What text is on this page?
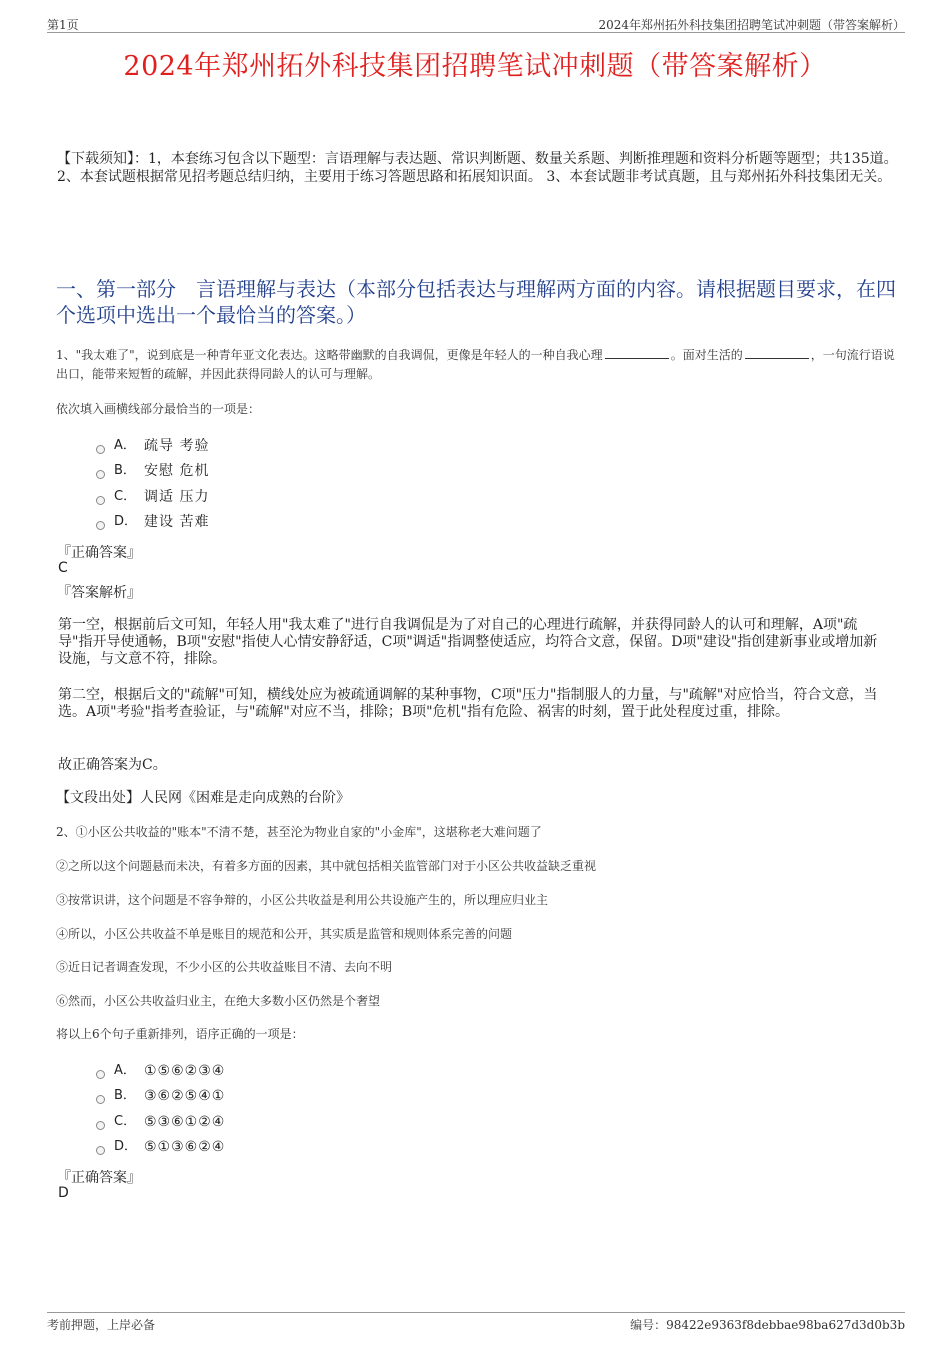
第1页	2024年郑州拓外科技集团招聘笔试冲刺题（带答案解析）
2024年郑州拓外科技集团招聘笔试冲刺题（带答案解析）
【下载须知】：1，本套练习包含以下题型：言语理解与表达题、常识判断题、数量关系题、判断推理题和资料分析题等题型；共135道。 2、本套试题根据常见招考题总结归纳，主要用于练习答题思路和拓展知识面。 3、本套试题非考试真题，且与郑州拓外科技集团无关。
一、第一部分　言语理解与表达（本部分包括表达与理解两方面的内容。请根据题目要求，在四个选项中选出一个最恰当的答案。）
1、"我太难了"，说到底是一种青年亚文化表达。这略带幽默的自我调侃，更像是年轻人的一种自我心理	。面对生活的	，一句流行语说出口，能带来短暂的疏解，并因此获得同龄人的认可与理解。
依次填入画横线部分最恰当的一项是：
A． 疏导 考验
B． 安慰 危机
C． 调适 压力
D． 建设 苦难
『正确答案』
C
『答案解析』
第一空，根据前后文可知，年轻人用"我太难了"进行自我调侃是为了对自己的心理进行疏解，并获得同龄人的认可和理解，A项"疏导"指开导使通畅，B项"安慰"指使人心情安静舒适，C项"调适"指调整使适应，均符合文意，保留。D项"建设"指创建新事业或增加新设施，与文意不符，排除。
第二空，根据后文的"疏解"可知，横线处应为被疏通调解的某种事物，C项"压力"指制服人的力量，与"疏解"对应恰当，符合文意，当选。A项"考验"指考查验证，与"疏解"对应不当，排除；B项"危机"指有危险、祸害的时刻，置于此处程度过重，排除。
故正确答案为C。
【文段出处】人民网《困难是走向成熟的台阶》
2、①小区公共收益的"账本"不清不楚，甚至沦为物业自家的"小金库"，这堪称老大难问题了
②之所以这个问题悬而未决，有着多方面的因素，其中就包括相关监管部门对于小区公共收益缺乏重视
③按常识讲，这个问题是不容争辩的，小区公共收益是利用公共设施产生的，所以理应归业主
④所以，小区公共收益不单是账目的规范和公开，其实质是监管和规则体系完善的问题
⑤近日记者调查发现，不少小区的公共收益账目不清、去向不明
⑥然而，小区公共收益归业主，在绝大多数小区仍然是个奢望
将以上6个句子重新排列，语序正确的一项是：
A． ①⑤⑥②③④
B． ③⑥②⑤④①
C． ⑤③⑥①②④
D． ⑤①③⑥②④
『正确答案』
D
考前押题，上岸必备	编号：98422e9363f8debbae98ba627d3d0b3b
